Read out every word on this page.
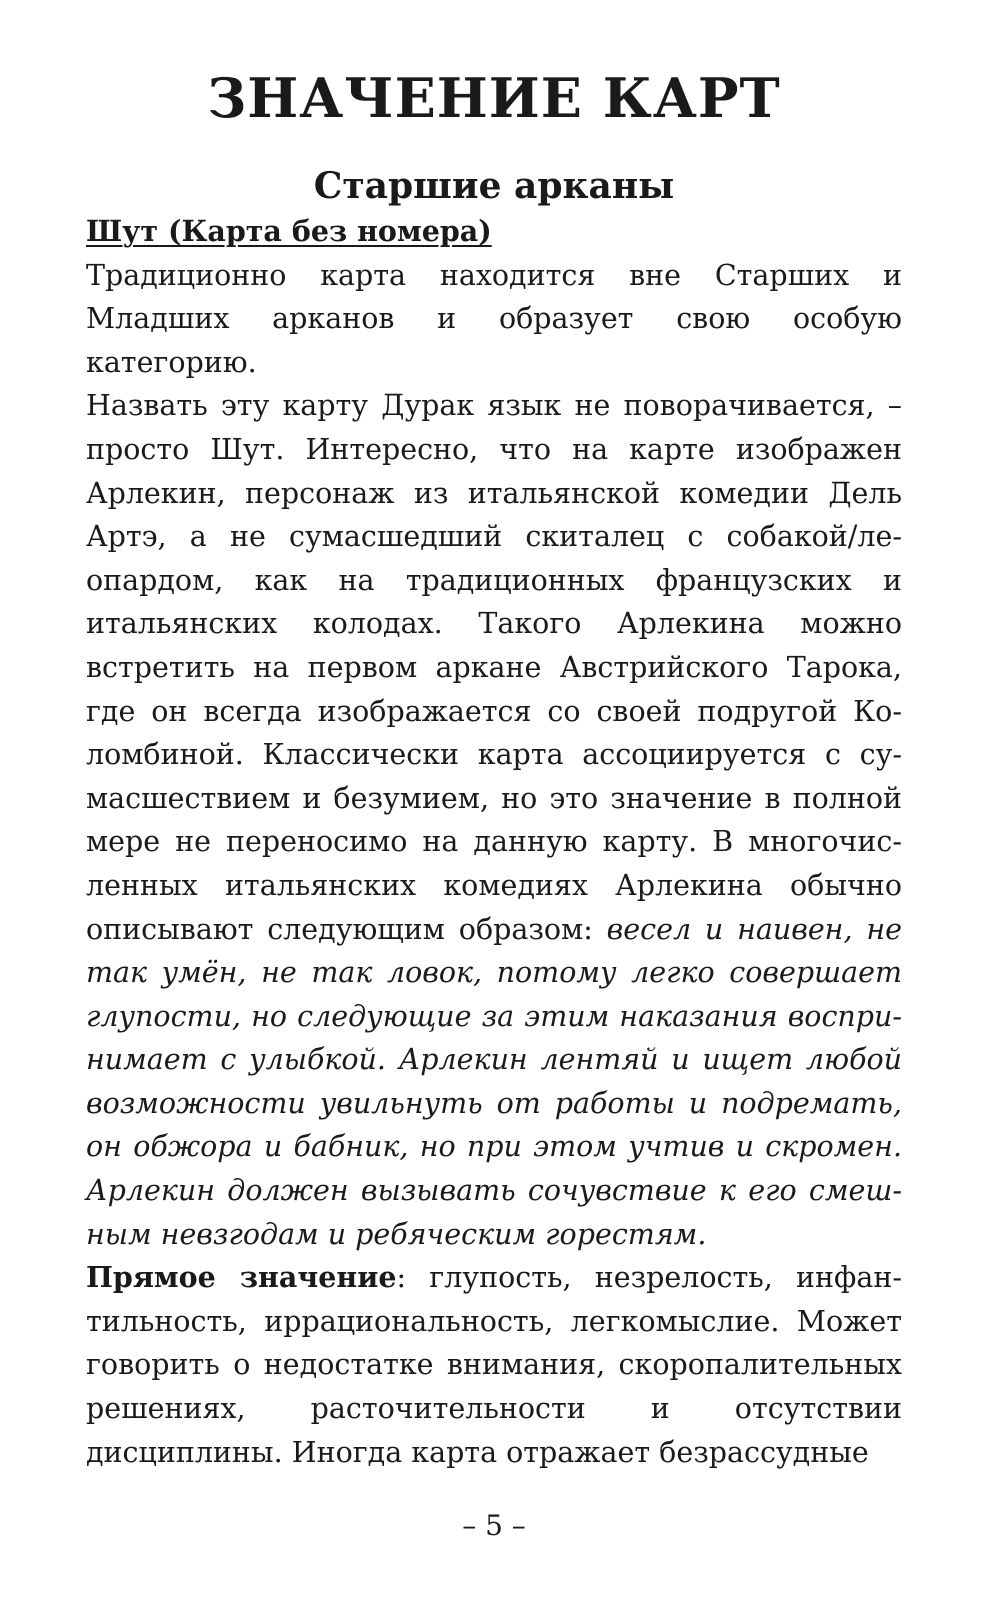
ЗНАЧЕНИЕ КАРТ
Старшие арканы

Шут (Карта без номера)

Традиционно карта находится вне Старших и Младших арканов и образует свою особую категорию.

Назвать эту карту Дурак язык не поворачивается, – просто Шут. Интересно, что на карте изображен Арлекин, персонаж из итальянской комедии Дель Артэ, а не сумасшедший скиталец с собакой/леопардом, как на традиционных французских и итальянских колодах. Такого Арлекина можно встретить на первом аркане Австрийского Тарока, где он всегда изображается со своей подругой Коломбиной. Классически карта ассоциируется с сумасшествием и безумием, но это значение в полной мере не переносимо на данную карту. В многочисленных итальянских комедиях Арлекина обычно описывают следующим образом: весел и наивен, не так умён, не так ловок, потому легко совершает глупости, но следующие за этим наказания воспринимает с улыбкой. Арлекин лентяй и ищет любой возможности увильнуть от работы и подремать, он обжора и бабник, но при этом учтив и скромен. Арлекин должен вызывать сочувствие к его смешным невзгодам и ребяческим горестям.

Прямое значение: глупость, незрелость, инфантильность, иррациональность, легкомыслие. Может говорить о недостатке внимания, скоропалительных решениях, расточительности и отсутствии дисциплины. Иногда карта отражает безрассудные

– 5 –
